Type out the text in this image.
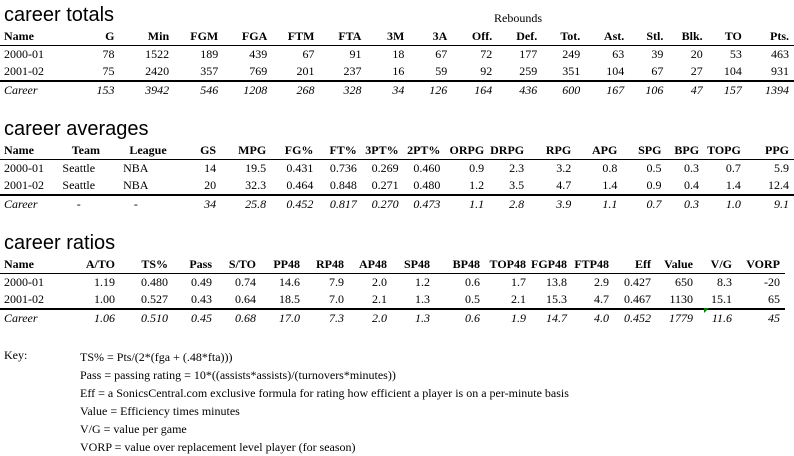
career totals	Rebounds
Name	G	Min	FGM	FGA	FTM	FTA	3M	3A	Off.	Def.	Tot.	Ast.	Stl.	Blk.	TO	Pts.
2000-01	78	1522	189	439	67	91	18	67	72	177	249	63	39	20	53	463
2001-02	75	2420	357	769	201	237	16	59	92	259	351	104	67	27	104	931
Career	153	3942	546	1208	268	328	34	126	164	436	600	167	106	47	157	1394
career averages
Name	Team	League	GS	MPG	FG%	FT%	3PT%	2PT%	ORPG	DRPG	RPG	APG	SPG	BPG	TOPG	PPG
2000-01	Seattle	NBA	14	19.5	0.431	0.736	0.269	0.460	0.9	2.3	3.2	0.8	0.5	0.3	0.7	5.9
2001-02	Seattle	NBA	20	32.3	0.464	0.848	0.271	0.480	1.2	3.5	4.7	1.4	0.9	0.4	1.4	12.4
Career	-	-	34	25.8	0.452	0.817	0.270	0.473	1.1	2.8	3.9	1.1	0.7	0.3	1.0	9.1
career ratios
Name	A/TO	TS%	Pass	S/TO	PP48	RP48	AP48	SP48	BP48	TOP48	FGP48	FTP48	Eff	Value	V/G	VORP
2000-01	1.19	0.480	0.49	0.74	14.6	7.9	2.0	1.2	0.6	1.7	13.8	2.9	0.427	650	8.3	-20
2001-02	1.00	0.527	0.43	0.64	18.5	7.0	2.1	1.3	0.5	2.1	15.3	4.7	0.467	1130	15.1	65
Career	1.06	0.510	0.45	0.68	17.0	7.3	2.0	1.3	0.6	1.9	14.7	4.0	0.452	1779	11.6	45
Key:	TS% = Pts/(2*(fga + (.48*fta)))
Pass = passing rating = 10*((assists*assists)/(turnovers*minutes))
Eff = a SonicsCentral.com exclusive formula for rating how efficient a player is on a per-minute basis
Value = Efficiency times minutes
V/G = value per game
VORP = value over replacement level player (for season)
